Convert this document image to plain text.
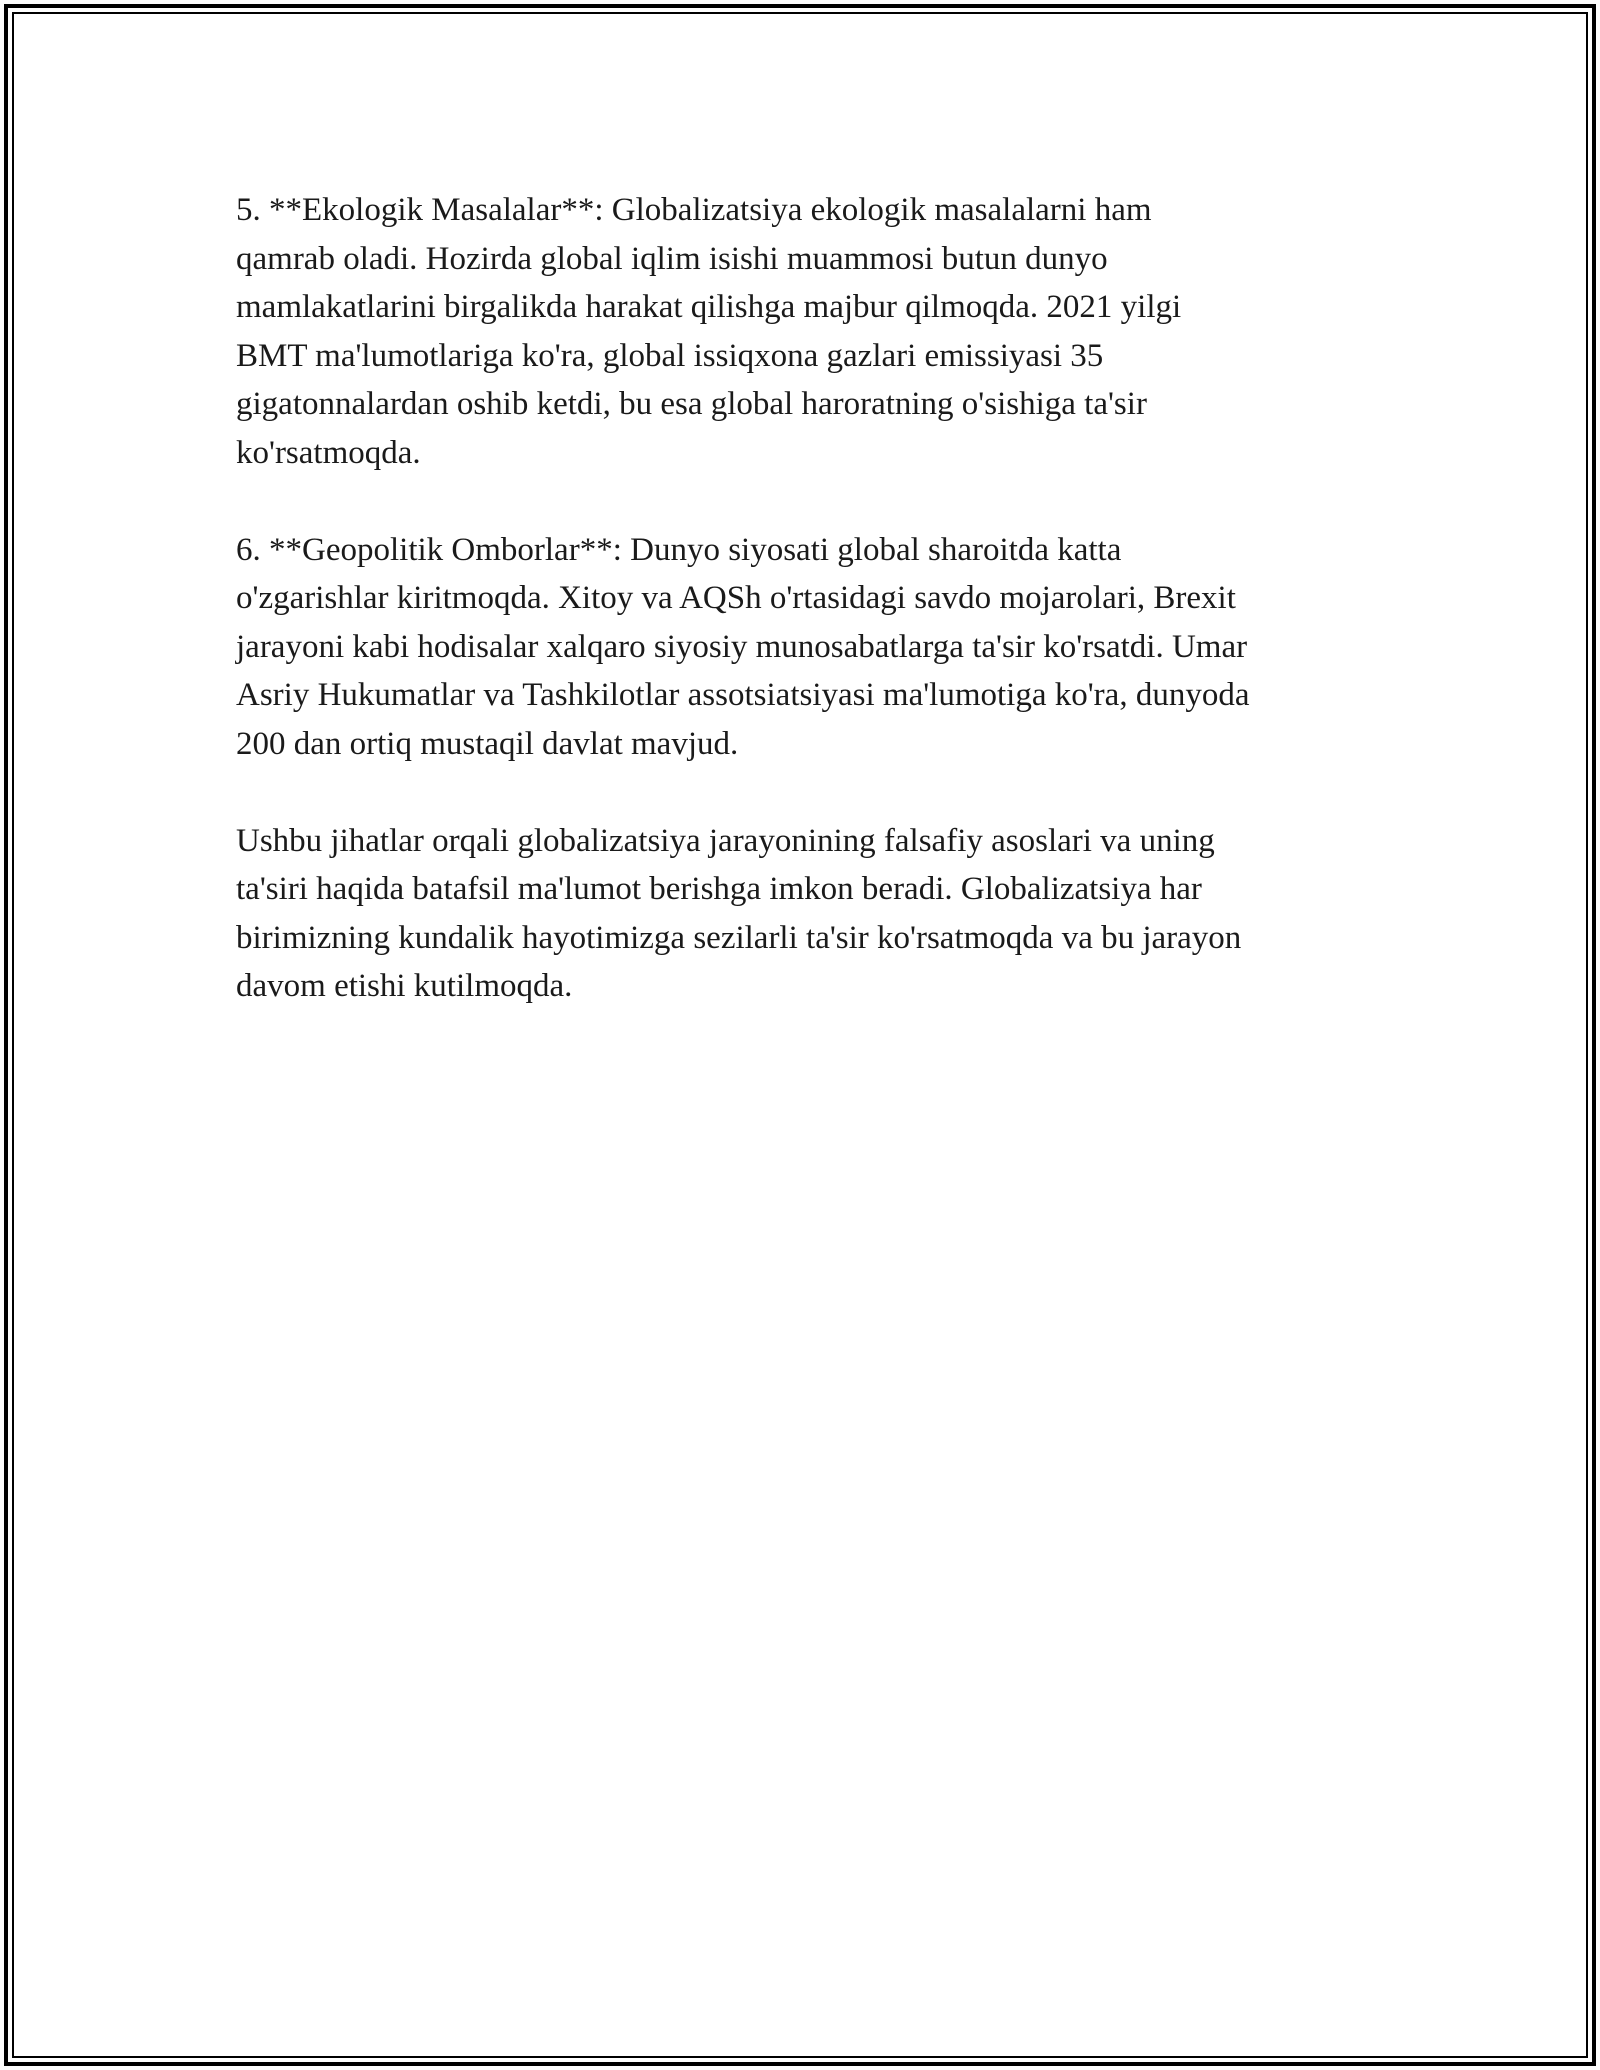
5. **Ekologik Masalalar**: Globalizatsiya ekologik masalalarni ham
qamrab oladi. Hozirda global iqlim isishi muammosi butun dunyo
mamlakatlarini birgalikda harakat qilishga majbur qilmoqda. 2021 yilgi
BMT ma'lumotlariga ko'ra, global issiqxona gazlari emissiyasi 35
gigatonnalardan oshib ketdi, bu esa global haroratning o'sishiga ta'sir
ko'rsatmoqda.

6. **Geopolitik Omborlar**: Dunyo siyosati global sharoitda katta
o'zgarishlar kiritmoqda. Xitoy va AQSh o'rtasidagi savdo mojarolari, Brexit
jarayoni kabi hodisalar xalqaro siyosiy munosabatlarga ta'sir ko'rsatdi. Umar
Asriy Hukumatlar va Tashkilotlar assotsiatsiyasi ma'lumotiga ko'ra, dunyoda
200 dan ortiq mustaqil davlat mavjud.

Ushbu jihatlar orqali globalizatsiya jarayonining falsafiy asoslari va uning
ta'siri haqida batafsil ma'lumot berishga imkon beradi. Globalizatsiya har
birimizning kundalik hayotimizga sezilarli ta'sir ko'rsatmoqda va bu jarayon
davom etishi kutilmoqda.
